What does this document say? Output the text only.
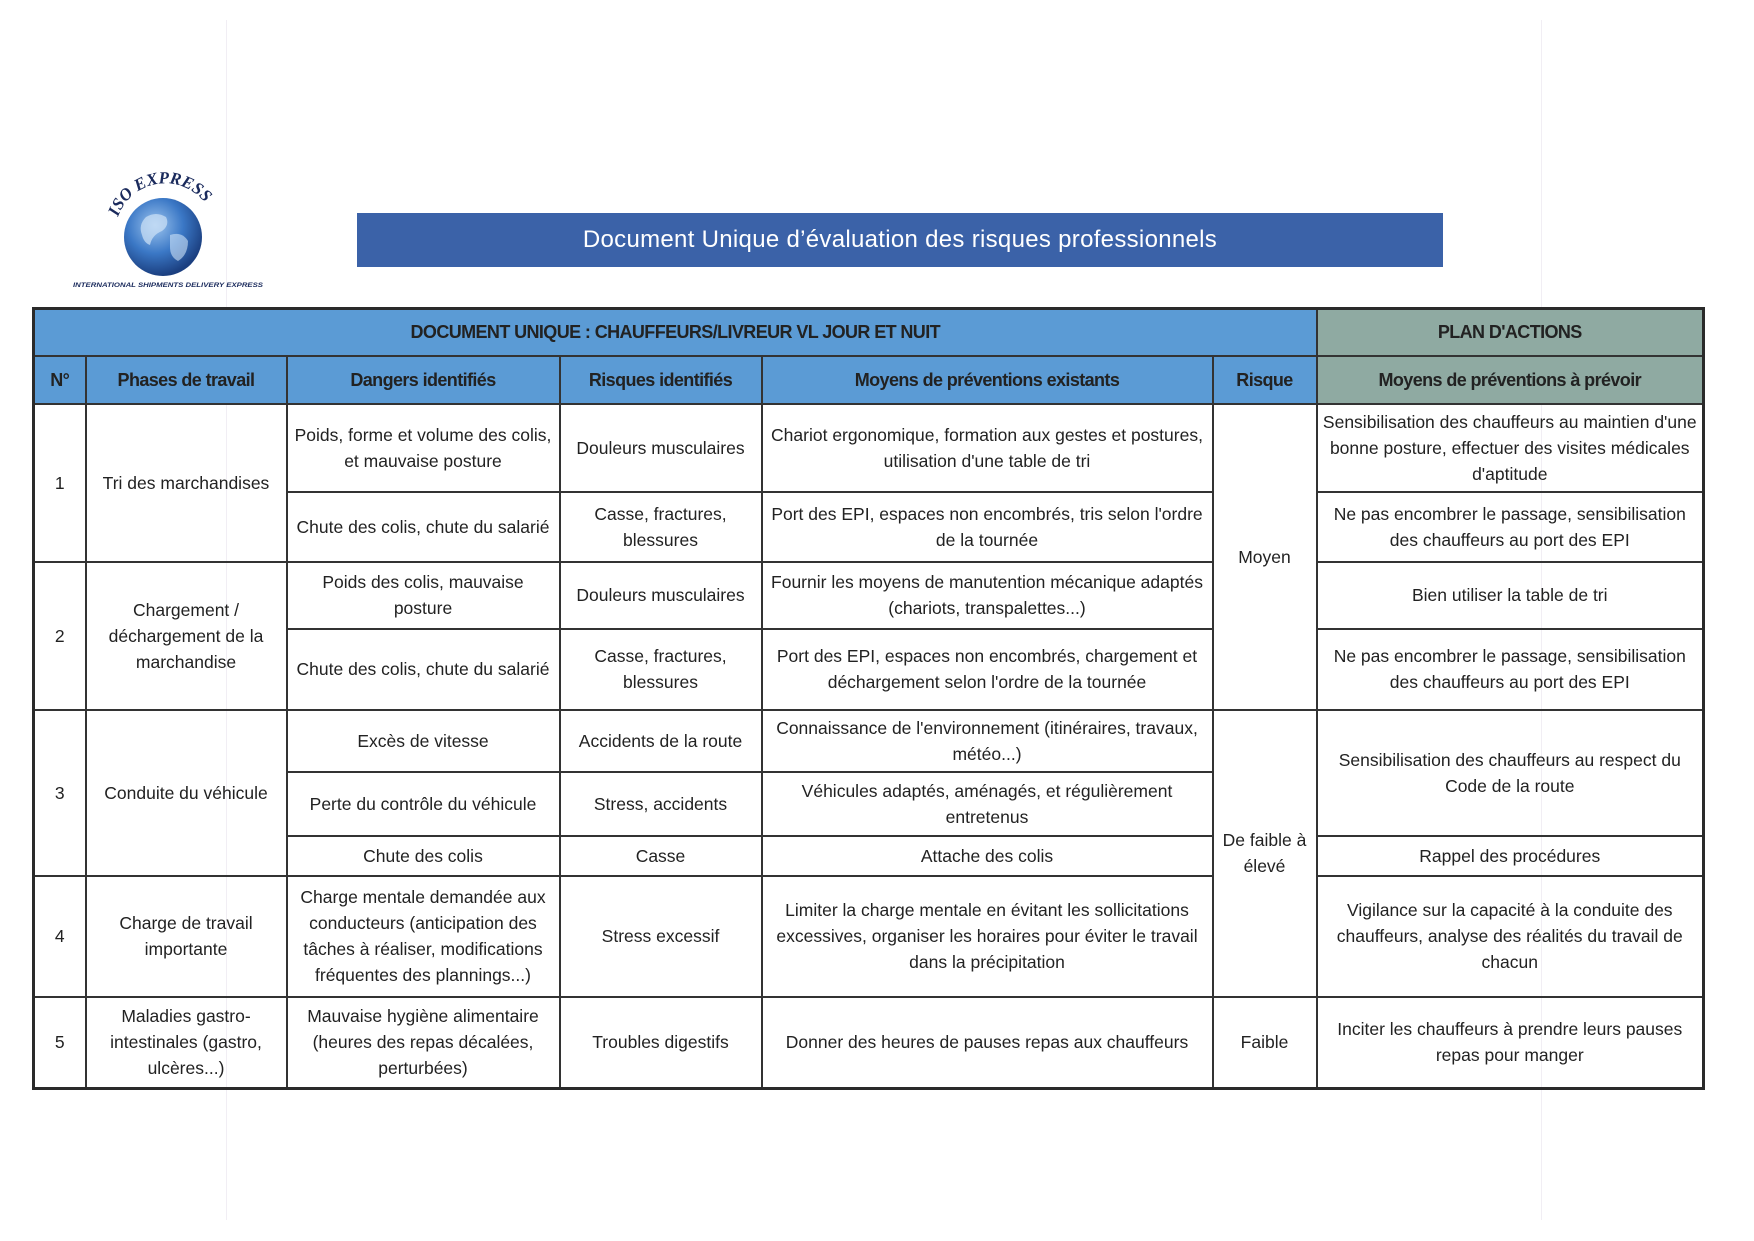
ISO EXPRESS
INTERNATIONAL SHIPMENTS DELIVERY EXPRESS
Document Unique d’évaluation des risques professionnels
DOCUMENT UNIQUE : CHAUFFEURS/LIVREUR VL JOUR ET NUIT						PLAN D'ACTIONS
N°	Phases de travail	Dangers identifiés	Risques identifiés	Moyens de préventions existants	Risque	Moyens de préventions à prévoir
1	Tri des marchandises	Poids, forme et volume des colis, et mauvaise posture	Douleurs musculaires	Chariot ergonomique, formation aux gestes et postures, utilisation d'une table de tri	Moyen	Sensibilisation des chauffeurs au maintien d'une bonne posture, effectuer des visites médicales d'aptitude
		Chute des colis, chute du salarié	Casse, fractures, blessures	Port des EPI, espaces non encombrés, tris selon l'ordre de la tournée		Ne pas encombrer le passage, sensibilisation des chauffeurs au port des EPI
2	Chargement / déchargement de la marchandise	Poids des colis, mauvaise posture	Douleurs musculaires	Fournir les moyens de manutention mécanique adaptés (chariots, transpalettes...)		Bien utiliser la table de tri
		Chute des colis, chute du salarié	Casse, fractures, blessures	Port des EPI, espaces non encombrés, chargement et déchargement selon l'ordre de la tournée		Ne pas encombrer le passage, sensibilisation des chauffeurs au port des EPI
3	Conduite du véhicule	Excès de vitesse	Accidents de la route	Connaissance de l'environnement (itinéraires, travaux, météo...)	De faible à élevé	Sensibilisation des chauffeurs au respect du Code de la route
		Perte du contrôle du véhicule	Stress, accidents	Véhicules adaptés, aménagés, et régulièrement entretenus		
		Chute des colis	Casse	Attache des colis		Rappel des procédures
4	Charge de travail importante	Charge mentale demandée aux conducteurs (anticipation des tâches à réaliser, modifications fréquentes des plannings...)	Stress excessif	Limiter la charge mentale en évitant les sollicitations excessives, organiser les horaires pour éviter le travail dans la précipitation		Vigilance sur la capacité à la conduite des chauffeurs, analyse des réalités du travail de chacun
5	Maladies gastro-intestinales (gastro, ulcères...)	Mauvaise hygiène alimentaire (heures des repas décalées, perturbées)	Troubles digestifs	Donner des heures de pauses repas aux chauffeurs	Faible	Inciter les chauffeurs à prendre leurs pauses repas pour manger
